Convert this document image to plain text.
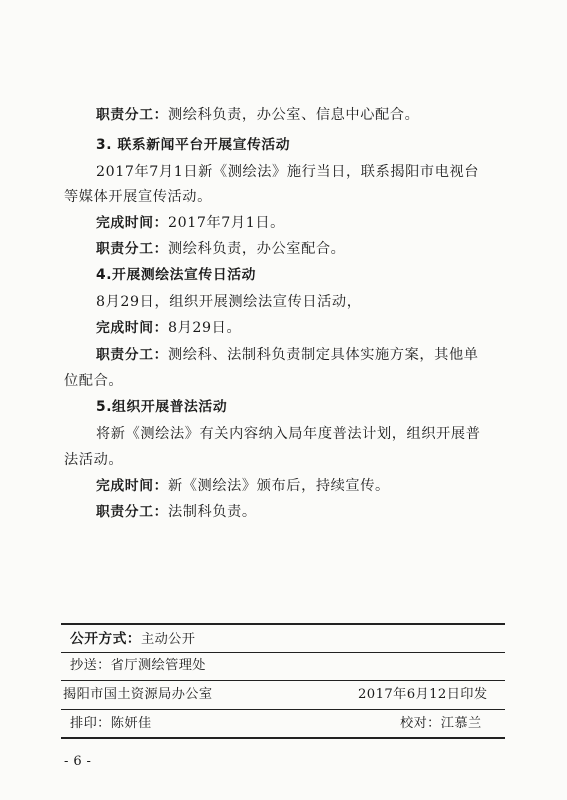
职责分工：测绘科负责，办公室、信息中心配合。
3. 联系新闻平台开展宣传活动
2017年7月1日新《测绘法》施行当日，联系揭阳市电视台
等媒体开展宣传活动。
完成时间：2017年7月1日。
职责分工：测绘科负责，办公室配合。
4.开展测绘法宣传日活动
8月29日，组织开展测绘法宣传日活动，
完成时间：8月29日。
职责分工：测绘科、法制科负责制定具体实施方案，其他单
位配合。
5.组织开展普法活动
将新《测绘法》有关内容纳入局年度普法计划，组织开展普
法活动。
完成时间：新《测绘法》颁布后，持续宣传。
职责分工：法制科负责。
公开方式：主动公开
抄送：省厅测绘管理处
揭阳市国土资源局办公室	2017年6月12日印发
排印：陈妍佳	校对：江慕兰
- 6 -
